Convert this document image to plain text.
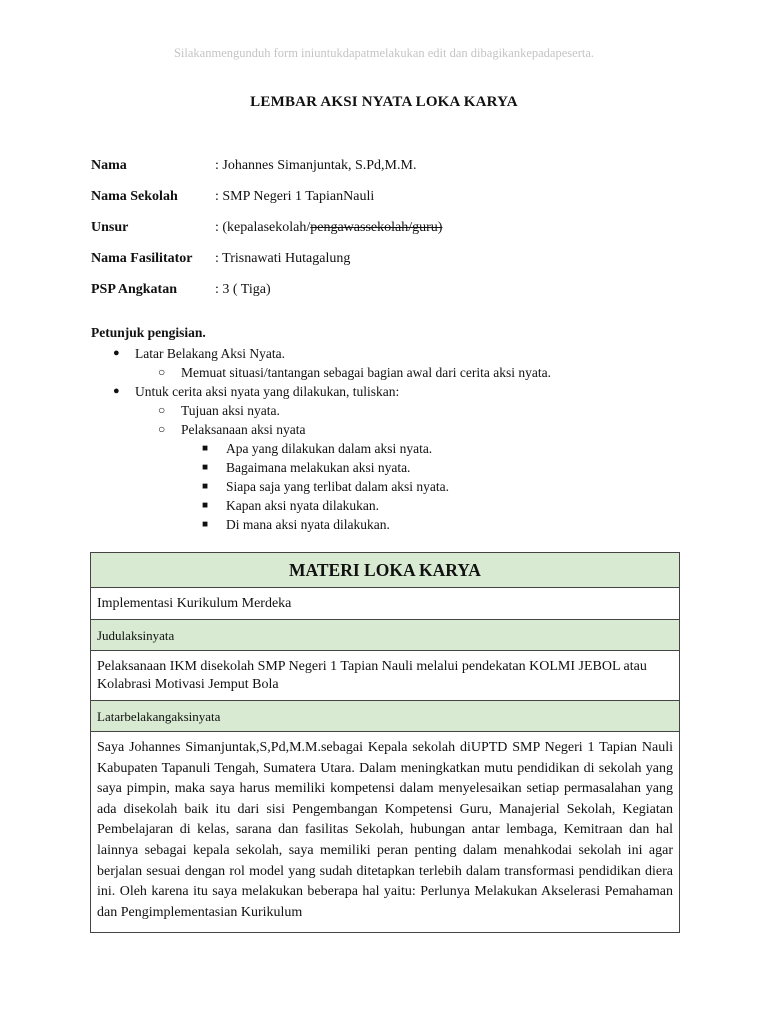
Silakanmengunduh form iniuntukdapatmelakukan edit dan dibagikankepadapeserta.
LEMBAR AKSI NYATA LOKA KARYA
Nama	: Johannes Simanjuntak, S.Pd,M.M.
Nama Sekolah	: SMP Negeri 1 TapianNauli
Unsur	: (kepalasekolah/pengawassekolah/guru)
Nama Fasilitator : Trisnawati Hutagalung
PSP Angkatan	: 3 ( Tiga)
Petunjuk pengisian.
● Latar Belakang Aksi Nyata.
○ Memuat situasi/tantangan sebagai bagian awal dari cerita aksi nyata.
● Untuk cerita aksi nyata yang dilakukan, tuliskan:
○ Tujuan aksi nyata.
○ Pelaksanaan aksi nyata
■ Apa yang dilakukan dalam aksi nyata.
■ Bagaimana melakukan aksi nyata.
■ Siapa saja yang terlibat dalam aksi nyata.
■ Kapan aksi nyata dilakukan.
■ Di mana aksi nyata dilakukan.
MATERI LOKA KARYA
Implementasi Kurikulum Merdeka
Judulaksinyata
Pelaksanaan IKM disekolah SMP Negeri 1 Tapian Nauli melalui pendekatan KOLMI JEBOL atau Kolabrasi Motivasi Jemput Bola
Latarbelakangaksinyata
Saya Johannes Simanjuntak,S,Pd,M.M.sebagai Kepala sekolah diUPTD SMP Negeri 1 Tapian Nauli Kabupaten Tapanuli Tengah, Sumatera Utara. Dalam meningkatkan mutu pendidikan di sekolah yang saya pimpin, maka saya harus memiliki kompetensi dalam menyelesaikan setiap permasalahan yang ada disekolah baik itu dari sisi Pengembangan Kompetensi Guru, Manajerial Sekolah, Kegiatan Pembelajaran di kelas, sarana dan fasilitas Sekolah, hubungan antar lembaga, Kemitraan dan hal lainnya sebagai kepala sekolah, saya memiliki peran penting dalam menahkodai sekolah ini agar berjalan sesuai dengan rol model yang sudah ditetapkan terlebih dalam transformasi pendidikan diera ini. Oleh karena itu saya melakukan beberapa hal yaitu: Perlunya Melakukan Akselerasi Pemahaman dan Pengimplementasian Kurikulum
